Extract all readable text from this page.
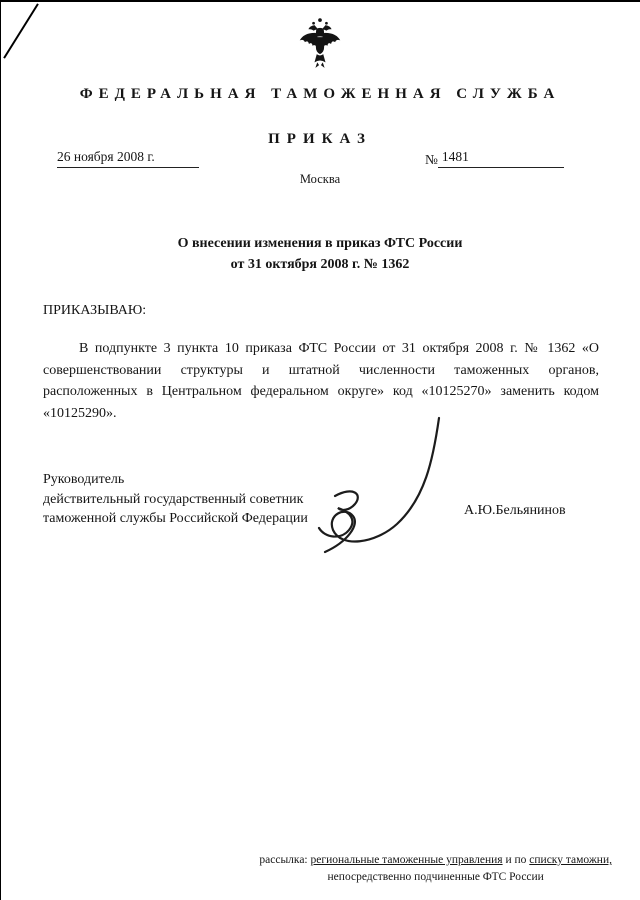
ФЕДЕРАЛЬНАЯ ТАМОЖЕННАЯ СЛУЖБА
ПРИКАЗ
26 ноября 2008 г.	№ 1481
Москва
О внесении изменения в приказ ФТС России
от 31 октября 2008 г. № 1362
ПРИКАЗЫВАЮ:
В подпункте 3 пункта 10 приказа ФТС России от 31 октября 2008 г. № 1362 «О совершенствовании структуры и штатной численности таможенных органов, расположенных в Центральном федеральном округе» код «10125270» заменить кодом «10125290».
Руководитель
действительный государственный советник
таможенной службы Российской Федерации
А.Ю.Бельянинов
рассылка: региональные таможенные управления и по списку таможни,
непосредственно подчиненные ФТС России
